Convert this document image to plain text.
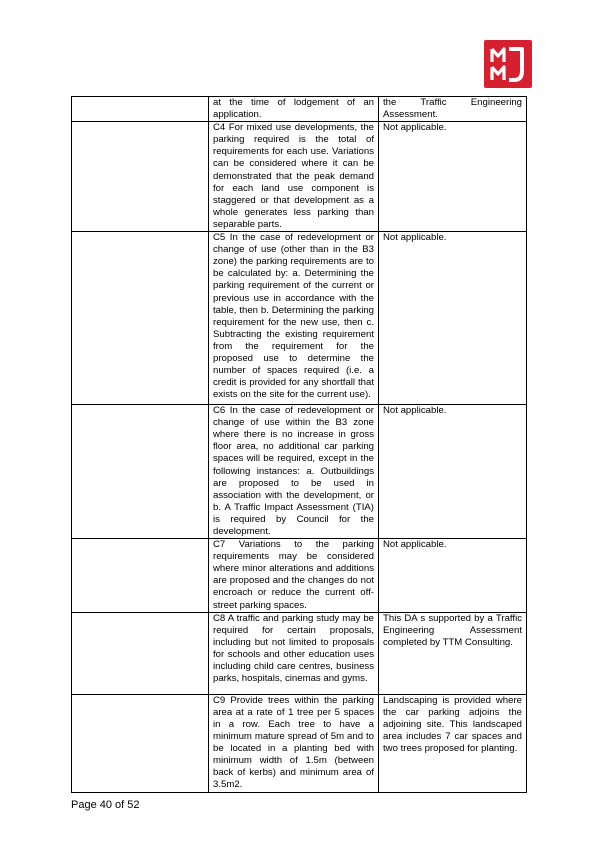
	at the time of lodgement of an application.	the Traffic Engineering Assessment.
	C4 For mixed use developments, the parking required is the total of requirements for each use. Variations can be considered where it can be demonstrated that the peak demand for each land use component is staggered or that development as a whole generates less parking than separable parts.	Not applicable.
	C5 In the case of redevelopment or change of use (other than in the B3 zone) the parking requirements are to be calculated by: a. Determining the parking requirement of the current or previous use in accordance with the table, then b. Determining the parking requirement for the new use, then c. Subtracting the existing requirement from the requirement for the proposed use to determine the number of spaces required (i.e. a credit is provided for any shortfall that exists on the site for the current use).	Not applicable.
	C6 In the case of redevelopment or change of use within the B3 zone where there is no increase in gross floor area, no additional car parking spaces will be required, except in the following instances: a. Outbuildings are proposed to be used in association with the development, or b. A Traffic Impact Assessment (TIA) is required by Council for the development.	Not applicable.
	C7 Variations to the parking requirements may be considered where minor alterations and additions are proposed and the changes do not encroach or reduce the current off-street parking spaces.	Not applicable.
	C8 A traffic and parking study may be required for certain proposals, including but not limited to proposals for schools and other education uses including child care centres, business parks, hospitals, cinemas and gyms.	This DA s supported by a Traffic Engineering Assessment completed by TTM Consulting.
	C9 Provide trees within the parking area at a rate of 1 tree per 5 spaces in a row. Each tree to have a minimum mature spread of 5m and to be located in a planting bed with minimum width of 1.5m (between back of kerbs) and minimum area of 3.5m2.	Landscaping is provided where the car parking adjoins the adjoining site. This landscaped area includes 7 car spaces and two trees proposed for planting.
Page 40 of 52
